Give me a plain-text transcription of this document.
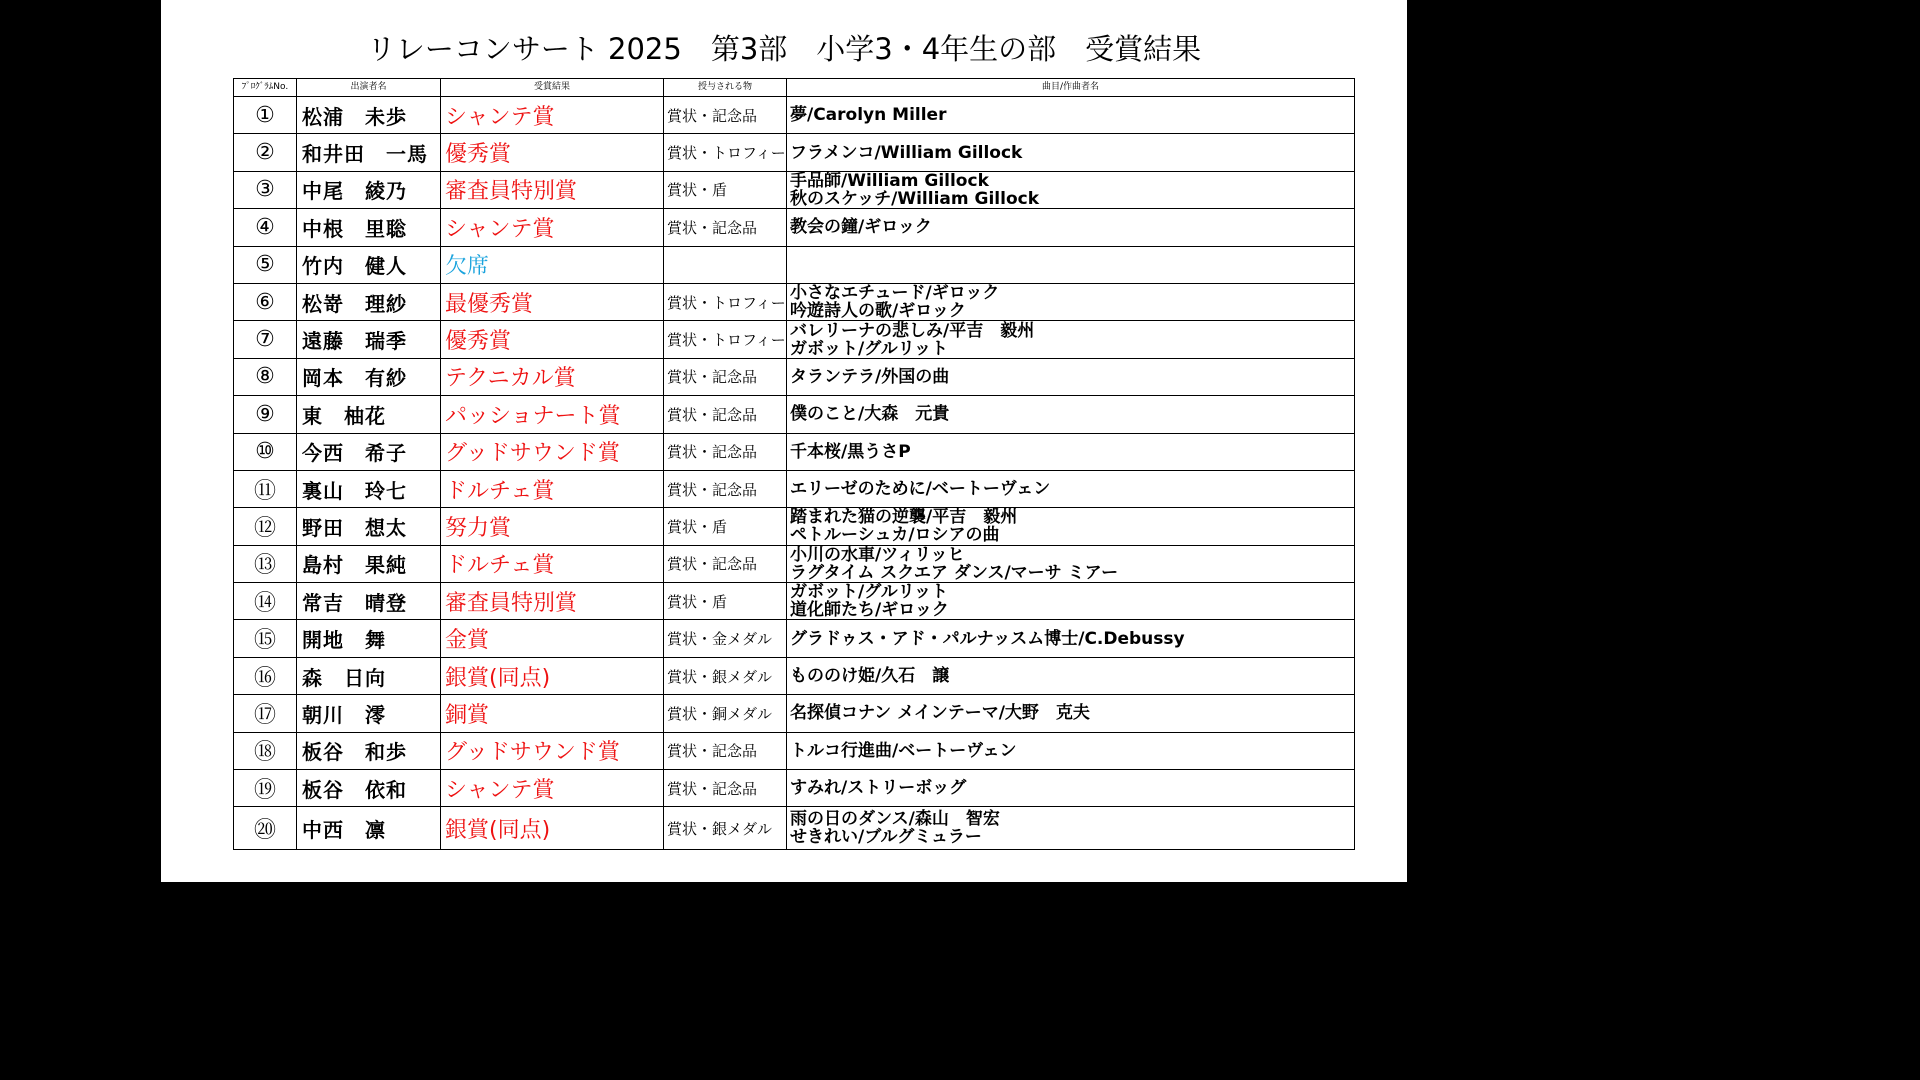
リレーコンサート 2025　第3部　小学3・4年生の部　受賞結果
ﾌﾟﾛｸﾞﾗﾑNo.	出演者名	受賞結果	授与される物	曲目/作曲者名
①	松浦　未歩	シャンテ賞	賞状・記念品	夢/Carolyn Miller

②	和井田　一馬	優秀賞	賞状・トロフィー	フラメンコ/William Gillock

③	中尾　綾乃	審査員特別賞	賞状・盾	手品師/William Gillock
秋のスケッチ/William Gillock

④	中根　里聡	シャンテ賞	賞状・記念品	教会の鐘/ギロック

⑤	竹内　健人	欠席		
⑥	松嵜　理紗	最優秀賞	賞状・トロフィー	小さなエチュード/ギロック
吟遊詩人の歌/ギロック

⑦	遠藤　瑞季	優秀賞	賞状・トロフィー	バレリーナの悲しみ/平吉　毅州
ガボット/グルリット

⑧	岡本　有紗	テクニカル賞	賞状・記念品	タランテラ/外国の曲

⑨	東　柚花	パッショナート賞	賞状・記念品	僕のこと/大森　元貴

⑩	今西　希子	グッドサウンド賞	賞状・記念品	千本桜/黒うさP

⑪	裏山　玲七	ドルチェ賞	賞状・記念品	エリーゼのために/ベートーヴェン

⑫	野田　想太	努力賞	賞状・盾	踏まれた猫の逆襲/平吉　毅州
ペトルーシュカ/ロシアの曲

⑬	島村　果純	ドルチェ賞	賞状・記念品	小川の水車/ツィリッヒ
ラグタイム スクエア ダンス/マーサ ミアー

⑭	常吉　晴登	審査員特別賞	賞状・盾	ガボット/グルリット
道化師たち/ギロック

⑮	開地　舞	金賞	賞状・金メダル	グラドゥス・アド・パルナッスム博士/C.Debussy

⑯	森　日向	銀賞(同点)	賞状・銀メダル	もののけ姫/久石　譲

⑰	朝川　澪	銅賞	賞状・銅メダル	名探偵コナン メインテーマ/大野　克夫

⑱	板谷　和歩	グッドサウンド賞	賞状・記念品	トルコ行進曲/ベートーヴェン

⑲	板谷　依和	シャンテ賞	賞状・記念品	すみれ/ストリーボッグ

⑳	中西　凛	銀賞(同点)	賞状・銀メダル	雨の日のダンス/森山　智宏
せきれい/ブルグミュラー
